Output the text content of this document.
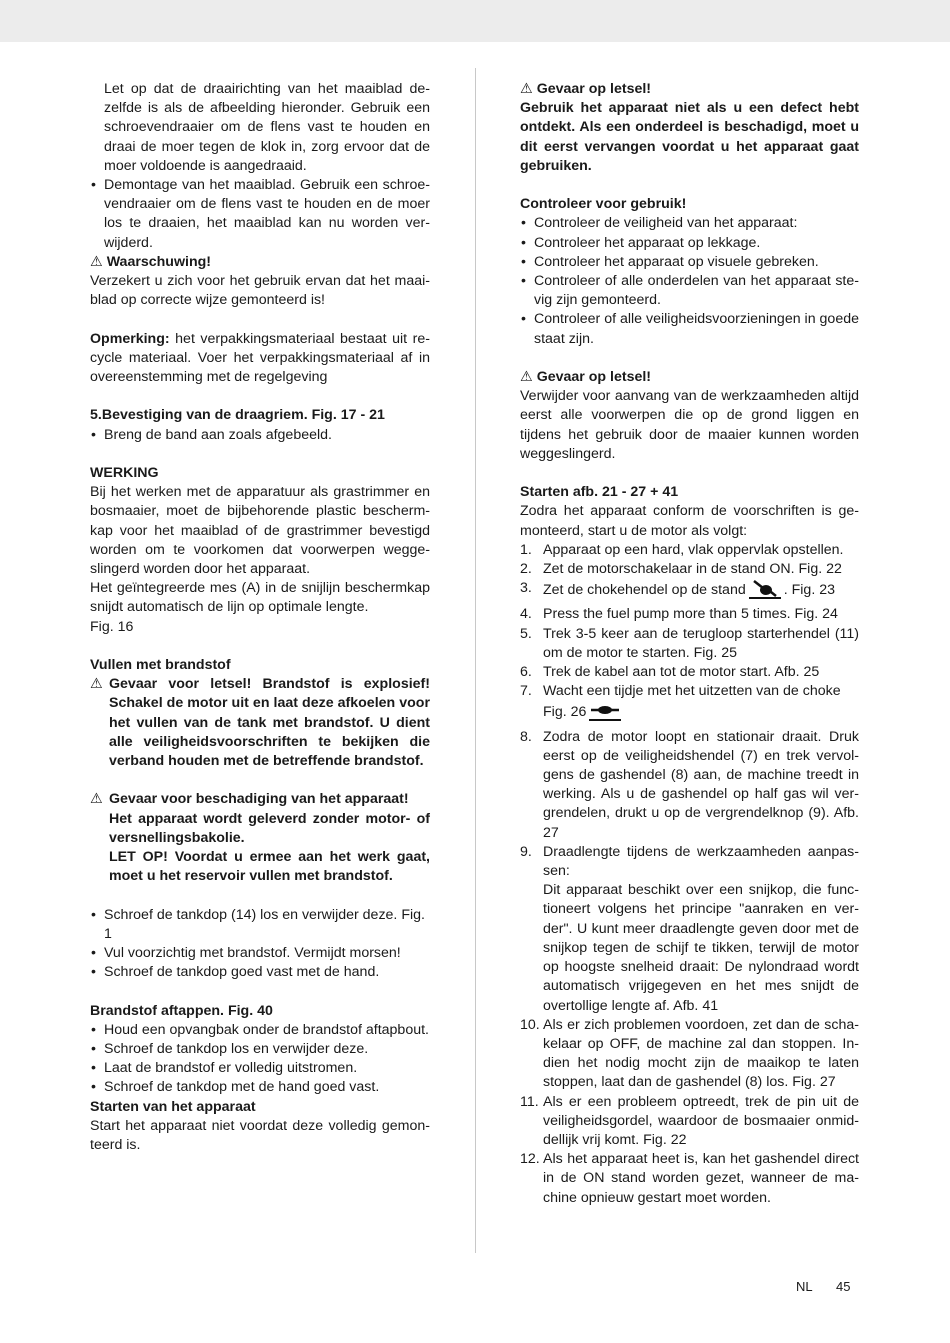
Let op dat de draairichting van het maaiblad dezelfde is als de afbeelding hieronder. Gebruik een schroevendraaier om de flens vast te houden en draai de moer tegen de klok in, zorg ervoor dat de moer voldoende is aangedraaid.

• Demontage van het maaiblad. Gebruik een schroevendraaier om de flens vast te houden en de moer los te draaien, het maaiblad kan nu worden verwijderd.

⚠ Waarschuwing!

Verzekert u zich voor het gebruik ervan dat het maaiblad op correcte wijze gemonteerd is!

Opmerking: het verpakkingsmateriaal bestaat uit recycle materiaal. Voer het verpakkingsmateriaal af in overeenstemming met de regelgeving

5.Bevestiging van de draagriem. Fig. 17 - 21

• Breng de band aan zoals afgebeeld.

WERKING

Bij het werken met de apparatuur als grastrimmer en bosmaaier, moet de bijbehorende plastic beschermkap voor het maaiblad of de grastrimmer bevestigd worden om te voorkomen dat voorwerpen weggeslingerd worden door het apparaat.

Het geïntegreerde mes (A) in de snijlijn beschermkap snijdt automatisch de lijn op optimale lengte.

Fig. 16

Vullen met brandstof

⚠ Gevaar voor letsel! Brandstof is explosief! Schakel de motor uit en laat deze afkoelen voor het vullen van de tank met brandstof. U dient alle veiligheidsvoorschriften te bekijken die verband houden met de betreffende brandstof.

⚠ Gevaar voor beschadiging van het apparaat!

Het apparaat wordt geleverd zonder motor- of versnellingsbakolie.

LET OP! Voordat u ermee aan het werk gaat, moet u het reservoir vullen met brandstof.

• Schroef de tankdop (14) los en verwijder deze. Fig. 1

• Vul voorzichtig met brandstof. Vermijdt morsen!

• Schroef de tankdop goed vast met de hand.

Brandstof aftappen. Fig. 40

• Houd een opvangbak onder de brandstof aftapbout.

• Schroef de tankdop los en verwijder deze.

• Laat de brandstof er volledig uitstromen.

• Schroef de tankdop met de hand goed vast.

Starten van het apparaat

Start het apparaat niet voordat deze volledig gemonteerd is.

⚠ Gevaar op letsel!

Gebruik het apparaat niet als u een defect hebt ontdekt. Als een onderdeel is beschadigd, moet u dit eerst vervangen voordat u het apparaat gaat gebruiken.

Controleer voor gebruik!

• Controleer de veiligheid van het apparaat:

• Controleer het apparaat op lekkage.

• Controleer het apparaat op visuele gebreken.

• Controleer of alle onderdelen van het apparaat stevig zijn gemonteerd.

• Controleer of alle veiligheidsvoorzieningen in goede staat zijn.

⚠ Gevaar op letsel!

Verwijder voor aanvang van de werkzaamheden altijd eerst alle voorwerpen die op de grond liggen en tijdens het gebruik door de maaier kunnen worden weggeslingerd.

Starten afb. 21 - 27 + 41

Zodra het apparaat conform de voorschriften is gemonteerd, start u de motor als volgt:

1. Apparaat op een hard, vlak oppervlak opstellen.

2. Zet de motorschakelaar in de stand ON. Fig. 22

3. Zet de chokehendel op de stand	. Fig. 23

4. Press the fuel pump more than 5 times. Fig. 24

5. Trek 3-5 keer aan de terugloop starterhendel (11) om de motor te starten. Fig. 25

6. Trek de kabel aan tot de motor start. Afb. 25

7. Wacht een tijdje met het uitzetten van de choke

Fig. 26

8. Zodra de motor loopt en stationair draait. Druk eerst op de veiligheidshendel (7) en trek vervolgens de gashendel (8) aan, de machine treedt in werking. Als u de gashendel op half gas wil vergrendelen, drukt u op de vergrendelknop (9). Afb. 27

9. Draadlengte tijdens de werkzaamheden aanpassen:

Dit apparaat beschikt over een snijkop, die functioneert volgens het principe "aanraken en verder". U kunt meer draadlengte geven door met de snijkop tegen de schijf te tikken, terwijl de motor op hoogste snelheid draait: De nylondraad wordt automatisch vrijgegeven en het mes snijdt de overtollige lengte af. Afb. 41

10. Als er zich problemen voordoen, zet dan de schakelaar op OFF, de machine zal dan stoppen. Indien het nodig mocht zijn de maaikop te laten stoppen, laat dan de gashendel (8) los. Fig. 27

11. Als er een probleem optreedt, trek de pin uit de veiligheidsgordel, waardoor de bosmaaier onmiddellijk vrij komt. Fig. 22

12. Als het apparaat heet is, kan het gashendel direct in de ON stand worden gezet, wanneer de machine opnieuw gestart moet worden.

NL 45
